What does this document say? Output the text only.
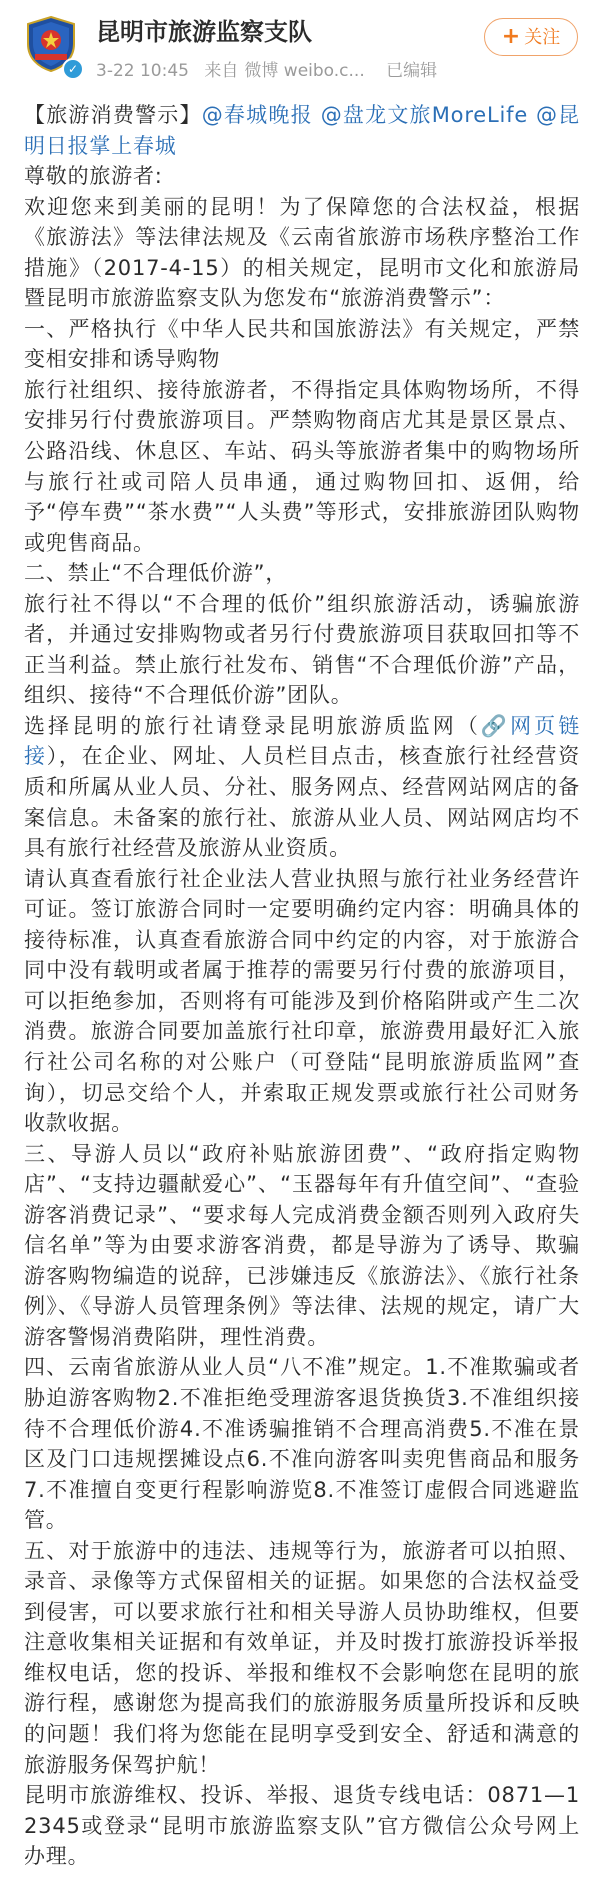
✓
昆明市旅游监察支队
3-22 10:45 来自 微博 weibo.c... 已编辑
+ 关注

【旅游消费警示】@春城晚报 @盘龙文旅MoreLife @昆明日报掌上春城

尊敬的旅游者:

欢迎您来到美丽的昆明！为了保障您的合法权益，根据《旅游法》等法律法规及《云南省旅游市场秩序整治工作措施》（2017-4-15）的相关规定，昆明市文化和旅游局暨昆明市旅游监察支队为您发布“旅游消费警示”：

一、严格执行《中华人民共和国旅游法》有关规定，严禁变相安排和诱导购物

旅行社组织、接待旅游者，不得指定具体购物场所，不得安排另行付费旅游项目。严禁购物商店尤其是景区景点、公路沿线、休息区、车站、码头等旅游者集中的购物场所与旅行社或司陪人员串通，通过购物回扣、返佣，给予“停车费”“茶水费”“人头费”等形式，安排旅游团队购物或兜售商品。

二、禁止“不合理低价游”，

旅行社不得以“不合理的低价”组织旅游活动，诱骗旅游者，并通过安排购物或者另行付费旅游项目获取回扣等不正当利益。禁止旅行社发布、销售“不合理低价游”产品，组织、接待“不合理低价游”团队。

选择昆明的旅行社请登录昆明旅游质监网（🔗网页链接），在企业、网址、人员栏目点击，核查旅行社经营资质和所属从业人员、分社、服务网点、经营网站网店的备案信息。未备案的旅行社、旅游从业人员、网站网店均不具有旅行社经营及旅游从业资质。

请认真查看旅行社企业法人营业执照与旅行社业务经营许可证。签订旅游合同时一定要明确约定内容：明确具体的接待标准，认真查看旅游合同中约定的内容，对于旅游合同中没有载明或者属于推荐的需要另行付费的旅游项目，可以拒绝参加，否则将有可能涉及到价格陷阱或产生二次消费。旅游合同要加盖旅行社印章，旅游费用最好汇入旅行社公司名称的对公账户（可登陆“昆明旅游质监网”查询），切忌交给个人，并索取正规发票或旅行社公司财务收款收据。

三、导游人员以“政府补贴旅游团费”、“政府指定购物店”、“支持边疆献爱心”、“玉器每年有升值空间”、“查验游客消费记录”、“要求每人完成消费金额否则列入政府失信名单”等为由要求游客消费，都是导游为了诱导、欺骗游客购物编造的说辞，已涉嫌违反《旅游法》、《旅行社条例》、《导游人员管理条例》等法律、法规的规定，请广大游客警惕消费陷阱，理性消费。

四、云南省旅游从业人员“八不准”规定。1.不准欺骗或者胁迫游客购物2.不准拒绝受理游客退货换货3.不准组织接待不合理低价游4.不准诱骗推销不合理高消费5.不准在景区及门口违规摆摊设点6.不准向游客叫卖兜售商品和服务7.不准擅自变更行程影响游览8.不准签订虚假合同逃避监管。

五、对于旅游中的违法、违规等行为，旅游者可以拍照、录音、录像等方式保留相关的证据。如果您的合法权益受到侵害，可以要求旅行社和相关导游人员协助维权，但要注意收集相关证据和有效单证，并及时拨打旅游投诉举报维权电话，您的投诉、举报和维权不会影响您在昆明的旅游行程，感谢您为提高我们的旅游服务质量所投诉和反映的问题！我们将为您能在昆明享受到安全、舒适和满意的旅游服务保驾护航！

昆明市旅游维权、投诉、举报、退货专线电话：0871—12345或登录“昆明市旅游监察支队”官方微信公众号网上办理。
